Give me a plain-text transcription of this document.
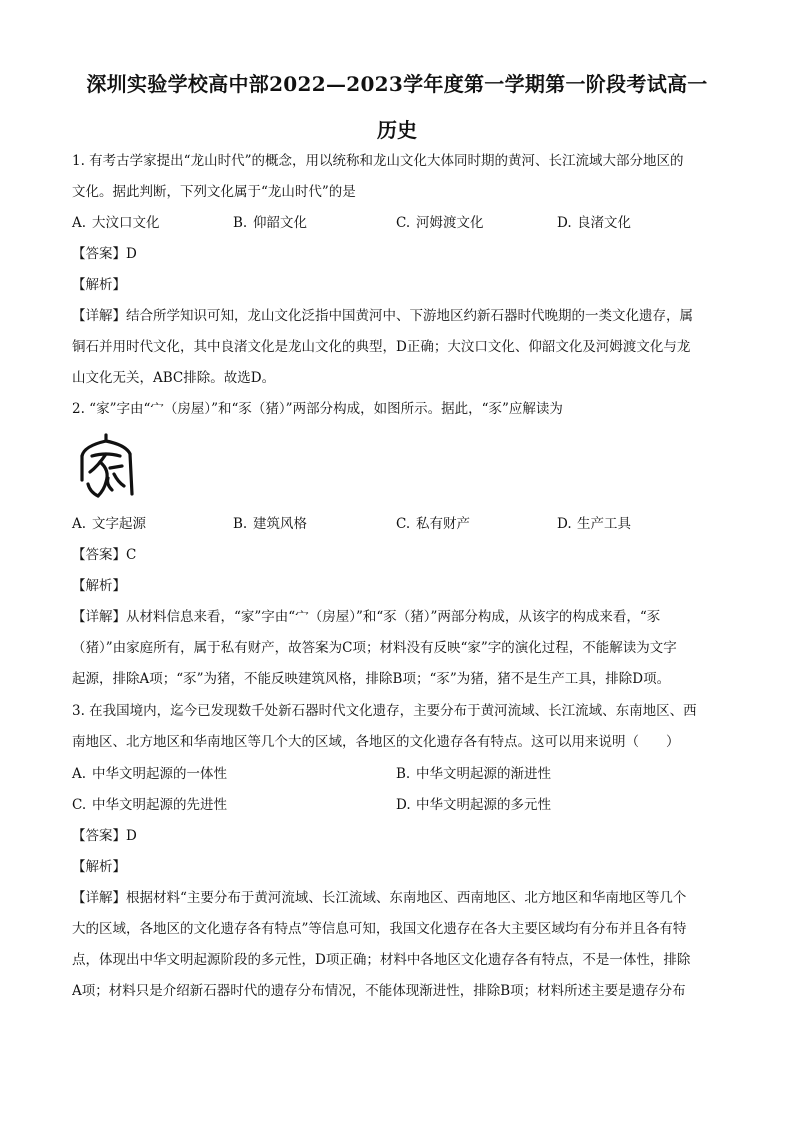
深圳实验学校高中部2022—2023学年度第一学期第一阶段考试高一
历史
1. 有考古学家提出“龙山时代”的概念，用以统称和龙山文化大体同时期的黄河、长江流域大部分地区的
文化。据此判断，下列文化属于“龙山时代”的是
A. 大汶口文化	B. 仰韶文化	C. 河姆渡文化	D. 良渚文化
【答案】D
【解析】
【详解】结合所学知识可知，龙山文化泛指中国黄河中、下游地区约新石器时代晚期的一类文化遗存，属
铜石并用时代文化，其中良渚文化是龙山文化的典型，D正确；大汶口文化、仰韶文化及河姆渡文化与龙
山文化无关，ABC排除。故选D。
2. “家”字由“宀（房屋）”和“豕（猪）”两部分构成，如图所示。据此，“豕”应解读为
A. 文字起源	B. 建筑风格	C. 私有财产	D. 生产工具
【答案】C
【解析】
【详解】从材料信息来看，“家”字由“宀（房屋）”和“豕（猪）”两部分构成，从该字的构成来看，“豕
（猪）”由家庭所有，属于私有财产，故答案为C项；材料没有反映“家”字的演化过程，不能解读为文字
起源，排除A项；“豕”为猪，不能反映建筑风格，排除B项；“豕”为猪，猪不是生产工具，排除D项。
3. 在我国境内，迄今已发现数千处新石器时代文化遗存，主要分布于黄河流域、长江流域、东南地区、西
南地区、北方地区和华南地区等几个大的区域，各地区的文化遗存各有特点。这可以用来说明（　　）
A. 中华文明起源的一体性	B. 中华文明起源的渐进性
C. 中华文明起源的先进性	D. 中华文明起源的多元性
【答案】D
【解析】
【详解】根据材料“主要分布于黄河流域、长江流域、东南地区、西南地区、北方地区和华南地区等几个
大的区域，各地区的文化遗存各有特点”等信息可知，我国文化遗存在各大主要区域均有分布并且各有特
点，体现出中华文明起源阶段的多元性，D项正确；材料中各地区文化遗存各有特点，不是一体性，排除
A项；材料只是介绍新石器时代的遗存分布情况，不能体现渐进性，排除B项；材料所述主要是遗存分布
